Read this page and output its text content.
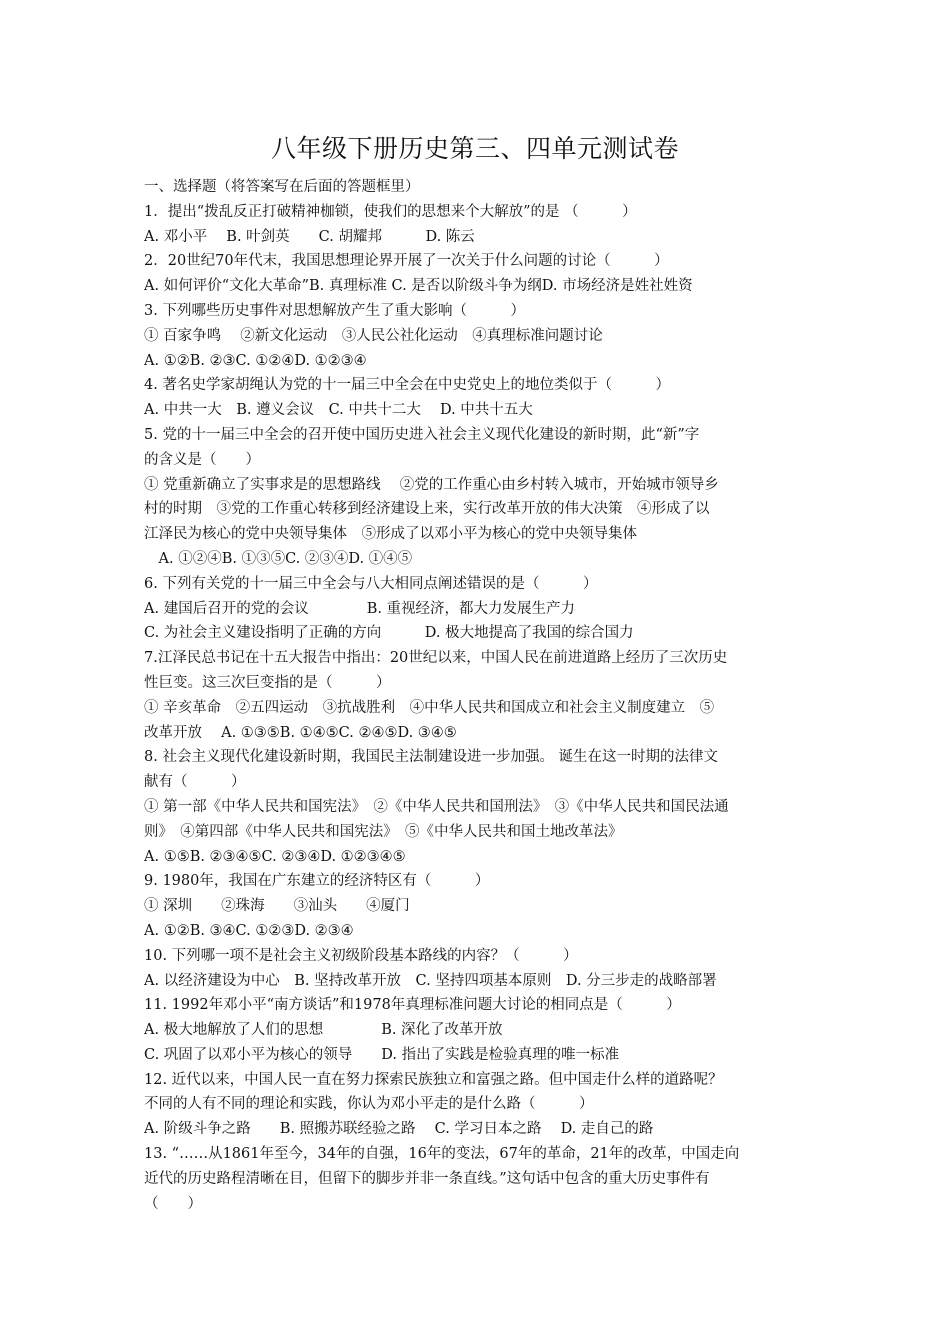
八年级下册历史第三、四单元测试卷
一、选择题（将答案写在后面的答题框里）
1．提出“拨乱反正打破精神枷锁，使我们的思想来个大解放”的是 （　　　）
A. 邓小平　 B. 叶剑英　　C. 胡耀邦　　　D. 陈云
2．20世纪70年代末，我国思想理论界开展了一次关于什么问题的讨论（　　　）
A. 如何评价“文化大革命”B. 真理标准 C. 是否以阶级斗争为纲D. 市场经济是姓社姓资
3. 下列哪些历史事件对思想解放产生了重大影响（　　　）
① 百家争鸣　 ②新文化运动　③人民公社化运动　④真理标准问题讨论
A. ①②B. ②③C. ①②④D. ①②③④
4. 著名史学家胡绳认为党的十一届三中全会在中史党史上的地位类似于（　　　）
A. 中共一大　B. 遵义会议　C. 中共十二大　 D. 中共十五大
5. 党的十一届三中全会的召开使中国历史进入社会主义现代化建设的新时期，此“新”字
的含义是（　　）
① 党重新确立了实事求是的思想路线　 ②党的工作重心由乡村转入城市，开始城市领导乡
村的时期　③党的工作重心转移到经济建设上来，实行改革开放的伟大决策　④形成了以
江泽民为核心的党中央领导集体　⑤形成了以邓小平为核心的党中央领导集体
　A. ①②④B. ①③⑤C. ②③④D. ①④⑤
6. 下列有关党的十一届三中全会与八大相同点阐述错误的是（　　　）
A. 建国后召开的党的会议　　　　B. 重视经济，都大力发展生产力
C. 为社会主义建设指明了正确的方向　　　D. 极大地提高了我国的综合国力
7.江泽民总书记在十五大报告中指出：20世纪以来，中国人民在前进道路上经历了三次历史
性巨变。这三次巨变指的是（　　　）
① 辛亥革命　②五四运动　③抗战胜利　④中华人民共和国成立和社会主义制度建立　⑤
改革开放　 A. ①③⑤B. ①④⑤C. ②④⑤D. ③④⑤
8. 社会主义现代化建设新时期，我国民主法制建设进一步加强。 诞生在这一时期的法律文
献有（　　　）
① 第一部《中华人民共和国宪法》　②《中华人民共和国刑法》　③《中华人民共和国民法通
则》　④第四部《中华人民共和国宪法》　⑤《中华人民共和国土地改革法》
A. ①⑤B. ②③④⑤C. ②③④D. ①②③④⑤
9. 1980年，我国在广东建立的经济特区有（　　　）
① 深圳　　②珠海　　③汕头　　④厦门
A. ①②B. ③④C. ①②③D. ②③④
10. 下列哪一项不是社会主义初级阶段基本路线的内容？（　　　）
A. 以经济建设为中心　B. 坚持改革开放　C. 坚持四项基本原则　D. 分三步走的战略部署
11. 1992年邓小平“南方谈话”和1978年真理标准问题大讨论的相同点是（　　　）
A. 极大地解放了人们的思想　　　　B. 深化了改革开放
C. 巩固了以邓小平为核心的领导　　D. 指出了实践是检验真理的唯一标准
12. 近代以来，中国人民一直在努力探索民族独立和富强之路。但中国走什么样的道路呢？
不同的人有不同的理论和实践，你认为邓小平走的是什么路（　　　）
A. 阶级斗争之路　　B. 照搬苏联经验之路　 C. 学习日本之路　 D. 走自己的路
13. “……从1861年至今，34年的自强，16年的变法，67年的革命，21年的改革，中国走向
近代的历史路程清晰在目，但留下的脚步并非一条直线。”这句话中包含的重大历史事件有
（　　）
